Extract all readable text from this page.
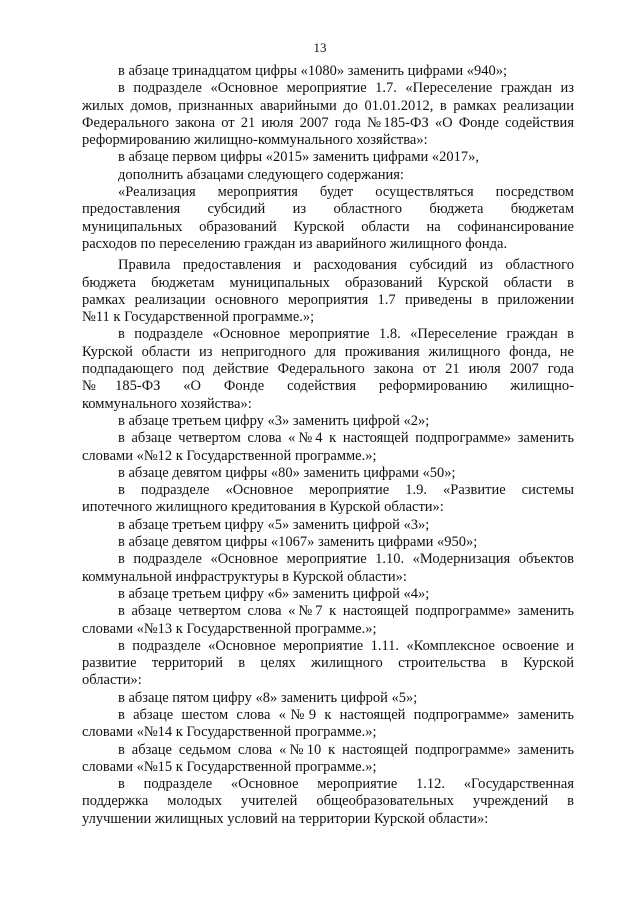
13
в абзаце тринадцатом цифры «1080» заменить цифрами «940»;
в подразделе «Основное мероприятие 1.7. «Переселение граждан из
жилых домов, признанных аварийными до 01.01.2012, в рамках реализации
Федерального закона от 21 июля 2007 года №185-ФЗ «О Фонде содействия
реформированию жилищно-коммунального хозяйства»:
в абзаце первом цифры «2015» заменить цифрами «2017»,
дополнить абзацами следующего содержания:
«Реализация мероприятия будет осуществляться посредством
предоставления субсидий из областного бюджета бюджетам
муниципальных образований Курской области на софинансирование
расходов по переселению граждан из аварийного жилищного фонда.
Правила предоставления и расходования субсидий из областного
бюджета бюджетам муниципальных образований Курской области в
рамках реализации основного мероприятия 1.7 приведены в приложении
№11 к Государственной программе.»;
в подразделе «Основное мероприятие 1.8. «Переселение граждан в
Курской области из непригодного для проживания жилищного фонда, не
подпадающего под действие Федерального закона от 21 июля 2007 года
№185-ФЗ «О Фонде содействия реформированию жилищно-
коммунального хозяйства»:
в абзаце третьем цифру «3» заменить цифрой «2»;
в абзаце четвертом слова «№4 к настоящей подпрограмме» заменить
словами «№12 к Государственной программе.»;
в абзаце девятом цифры «80» заменить цифрами «50»;
в подразделе «Основное мероприятие 1.9. «Развитие системы
ипотечного жилищного кредитования в Курской области»:
в абзаце третьем цифру «5» заменить цифрой «3»;
в абзаце девятом цифры «1067» заменить цифрами «950»;
в подразделе «Основное мероприятие 1.10. «Модернизация объектов
коммунальной инфраструктуры в Курской области»:
в абзаце третьем цифру «6» заменить цифрой «4»;
в абзаце четвертом слова «№7 к настоящей подпрограмме» заменить
словами «№13 к Государственной программе.»;
в подразделе «Основное мероприятие 1.11. «Комплексное освоение и
развитие территорий в целях жилищного строительства в Курской
области»:
в абзаце пятом цифру «8» заменить цифрой «5»;
в абзаце шестом слова «№9 к настоящей подпрограмме» заменить
словами «№14 к Государственной программе.»;
в абзаце седьмом слова «№10 к настоящей подпрограмме» заменить
словами «№15 к Государственной программе.»;
в подразделе «Основное мероприятие 1.12. «Государственная
поддержка молодых учителей общеобразовательных учреждений в
улучшении жилищных условий на территории Курской области»:
